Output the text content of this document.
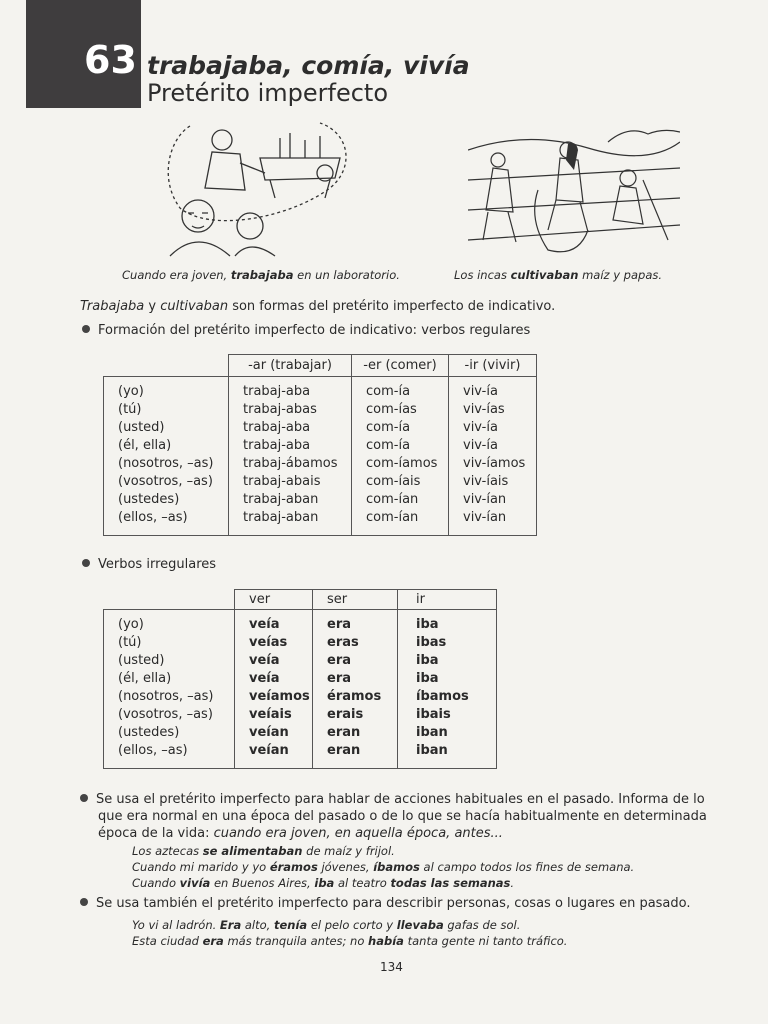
63 trabajaba, comía, vivía
Pretérito imperfecto
Cuando era joven, trabajaba en un laboratorio.	Los incas cultivaban maíz y papas.
Trabajaba y cultivaban son formas del pretérito imperfecto de indicativo.
Formación del pretérito imperfecto de indicativo: verbos regulares
	-ar (trabajar)	-er (comer)	-ir (vivir)
(yo)	trabaj-aba	com-ía	viv-ía
(tú)	trabaj-abas	com-ías	viv-ías
(usted)	trabaj-aba	com-ía	viv-ía
(él, ella)	trabaj-aba	com-ía	viv-ía
(nosotros, –as)	trabaj-ábamos	com-íamos	viv-íamos
(vosotros, –as)	trabaj-abais	com-íais	viv-íais
(ustedes)	trabaj-aban	com-ían	viv-ían
(ellos, –as)	trabaj-aban	com-ían	viv-ían
Verbos irregulares
	ver	ser	ir
(yo)	veía	era	iba
(tú)	veías	eras	ibas
(usted)	veía	era	iba
(él, ella)	veía	era	iba
(nosotros, –as)	veíamos	éramos	íbamos
(vosotros, –as)	veíais	erais	ibais
(ustedes)	veían	eran	iban
(ellos, –as)	veían	eran	iban
Se usa el pretérito imperfecto para hablar de acciones habituales en el pasado. Informa de lo
que era normal en una época del pasado o de lo que se hacía habitualmente en determinada
época de la vida: cuando era joven, en aquella época, antes...
Los aztecas se alimentaban de maíz y frijol.
Cuando mi marido y yo éramos jóvenes, íbamos al campo todos los fines de semana.
Cuando vivía en Buenos Aires, iba al teatro todas las semanas.
Se usa también el pretérito imperfecto para describir personas, cosas o lugares en pasado.
Yo vi al ladrón. Era alto, tenía el pelo corto y llevaba gafas de sol.
Esta ciudad era más tranquila antes; no había tanta gente ni tanto tráfico.
134
